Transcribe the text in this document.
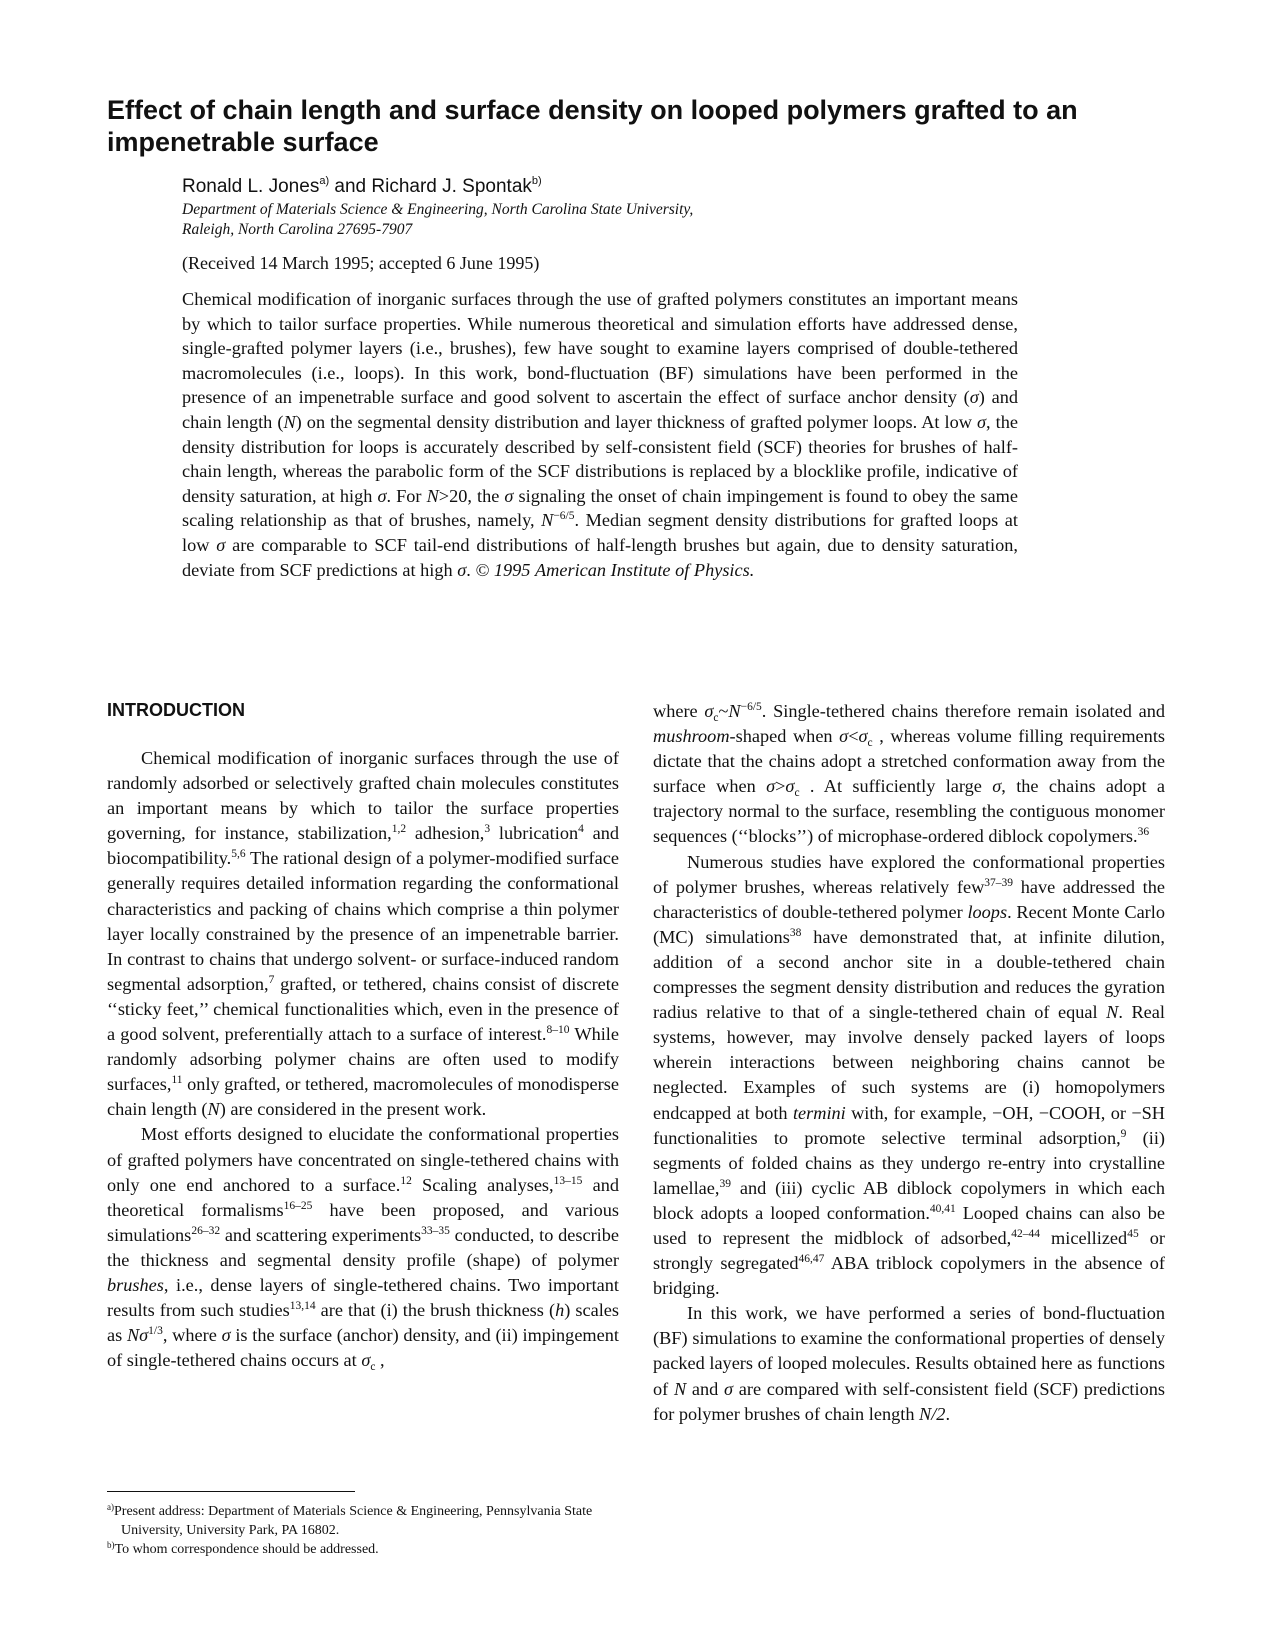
Effect of chain length and surface density on looped polymers grafted to an impenetrable surface
Ronald L. Jones$^{a)}$ and Richard J. Spontak$^{b)}$
Department of Materials Science & Engineering, North Carolina State University,
Raleigh, North Carolina 27695-7907
(Received 14 March 1995; accepted 6 June 1995)

Chemical modification of inorganic surfaces through the use of grafted polymers constitutes an important means by which to tailor surface properties. While numerous theoretical and simulation efforts have addressed dense, single-grafted polymer layers (i.e., brushes), few have sought to examine layers comprised of double-tethered macromolecules (i.e., loops). In this work, bond-fluctuation (BF) simulations have been performed in the presence of an impenetrable surface and good solvent to ascertain the effect of surface anchor density (σ) and chain length (N) on the segmental density distribution and layer thickness of grafted polymer loops. At low σ, the density distribution for loops is accurately described by self-consistent field (SCF) theories for brushes of half-chain length, whereas the parabolic form of the SCF distributions is replaced by a blocklike profile, indicative of density saturation, at high σ. For N>20, the σ signaling the onset of chain impingement is found to obey the same scaling relationship as that of brushes, namely, $N^{-6/5}$. Median segment density distributions for grafted loops at low σ are comparable to SCF tail-end distributions of half-length brushes but again, due to density saturation, deviate from SCF predictions at high σ. © 1995 American Institute of Physics.

INTRODUCTION

Chemical modification of inorganic surfaces through the use of randomly adsorbed or selectively grafted chain molecules constitutes an important means by which to tailor the surface properties governing, for instance, stabilization,$^{1,2}$ adhesion,$^3$ lubrication$^4$ and biocompatibility.$^{5,6}$ The rational design of a polymer-modified surface generally requires detailed information regarding the conformational characteristics and packing of chains which comprise a thin polymer layer locally constrained by the presence of an impenetrable barrier. In contrast to chains that undergo solvent- or surface-induced random segmental adsorption,$^7$ grafted, or tethered, chains consist of discrete ‘‘sticky feet,’’ chemical functionalities which, even in the presence of a good solvent, preferentially attach to a surface of interest.$^{8-10}$ While randomly adsorbing polymer chains are often used to modify surfaces,$^{11}$ only grafted, or tethered, macromolecules of monodisperse chain length (N) are considered in the present work.

Most efforts designed to elucidate the conformational properties of grafted polymers have concentrated on single-tethered chains with only one end anchored to a surface.$^{12}$ Scaling analyses,$^{13-15}$ and theoretical formalisms$^{16-25}$ have been proposed, and various simulations$^{26-32}$ and scattering experiments$^{33-35}$ conducted, to describe the thickness and segmental density profile (shape) of polymer brushes, i.e., dense layers of single-tethered chains. Two important results from such studies$^{13,14}$ are that (i) the brush thickness (h) scales as $N\sigma^{1/3}$, where σ is the surface (anchor) density, and (ii) impingement of single-tethered chains occurs at $\sigma_c$ ,

where $\sigma_c\sim N^{-6/5}$. Single-tethered chains therefore remain isolated and mushroom-shaped when $\sigma<\sigma_c$ , whereas volume filling requirements dictate that the chains adopt a stretched conformation away from the surface when $\sigma>\sigma_c$ . At sufficiently large σ, the chains adopt a trajectory normal to the surface, resembling the contiguous monomer sequences (‘‘blocks’’) of microphase-ordered diblock copolymers.$^{36}$

Numerous studies have explored the conformational properties of polymer brushes, whereas relatively few$^{37-39}$ have addressed the characteristics of double-tethered polymer loops. Recent Monte Carlo (MC) simulations$^{38}$ have demonstrated that, at infinite dilution, addition of a second anchor site in a double-tethered chain compresses the segment density distribution and reduces the gyration radius relative to that of a single-tethered chain of equal N. Real systems, however, may involve densely packed layers of loops wherein interactions between neighboring chains cannot be neglected. Examples of such systems are (i) homopolymers endcapped at both termini with, for example, −OH, −COOH, or −SH functionalities to promote selective terminal adsorption,$^9$ (ii) segments of folded chains as they undergo re-entry into crystalline lamellae,$^{39}$ and (iii) cyclic AB diblock copolymers in which each block adopts a looped conformation.$^{40,41}$ Looped chains can also be used to represent the midblock of adsorbed,$^{42-44}$ micellized$^{45}$ or strongly segregated$^{46,47}$ ABA triblock copolymers in the absence of bridging.

In this work, we have performed a series of bond-fluctuation (BF) simulations to examine the conformational properties of densely packed layers of looped molecules. Results obtained here as functions of N and σ are compared with self-consistent field (SCF) predictions for polymer brushes of chain length N/2.

$^{a)}$Present address: Department of Materials Science & Engineering, Pennsylvania State University, University Park, PA 16802.

$^{b)}$To whom correspondence should be addressed.
